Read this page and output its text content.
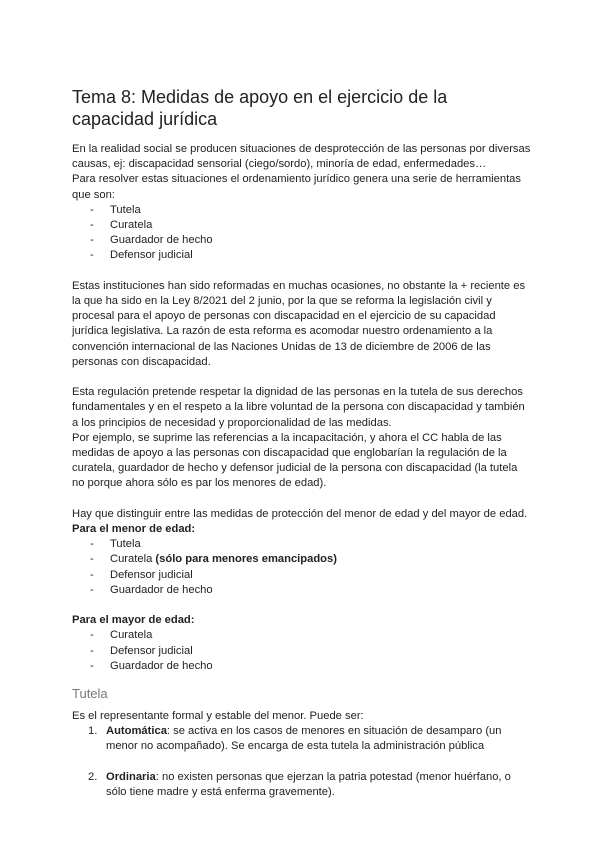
Tema 8: Medidas de apoyo en el ejercicio de la capacidad jurídica

En la realidad social se producen situaciones de desprotección de las personas por diversas causas, ej: discapacidad sensorial (ciego/sordo), minoría de edad, enfermedades…

Para resolver estas situaciones el ordenamiento jurídico genera una serie de herramientas que son:

- Tutela
- Curatela
- Guardador de hecho
- Defensor judicial

Estas instituciones han sido reformadas en muchas ocasiones, no obstante la + reciente es la que ha sido en la Ley 8/2021 del 2 junio, por la que se reforma la legislación civil y procesal para el apoyo de personas con discapacidad en el ejercicio de su capacidad jurídica legislativa. La razón de esta reforma es acomodar nuestro ordenamiento a la convención internacional de las Naciones Unidas de 13 de diciembre de 2006 de las personas con discapacidad.

Esta regulación pretende respetar la dignidad de las personas en la tutela de sus derechos fundamentales y en el respeto a la libre voluntad de la persona con discapacidad y también a los principios de necesidad y proporcionalidad de las medidas.

Por ejemplo, se suprime las referencias a la incapacitación, y ahora el CC habla de las medidas de apoyo a las personas con discapacidad que englobarían la regulación de la curatela, guardador de hecho y defensor judicial de la persona con discapacidad (la tutela no porque ahora sólo es par los menores de edad).

Hay que distinguir entre las medidas de protección del menor de edad y del mayor de edad.

Para el menor de edad:

- Tutela
- Curatela (sólo para menores emancipados)
- Defensor judicial
- Guardador de hecho

Para el mayor de edad:

- Curatela
- Defensor judicial
- Guardador de hecho
Tutela

Es el representante formal y estable del menor. Puede ser:

1. Automática: se activa en los casos de menores en situación de desamparo (un menor no acompañado). Se encarga de esta tutela la administración pública
2. Ordinaria: no existen personas que ejerzan la patria potestad (menor huérfano, o sólo tiene madre y está enferma gravemente).
